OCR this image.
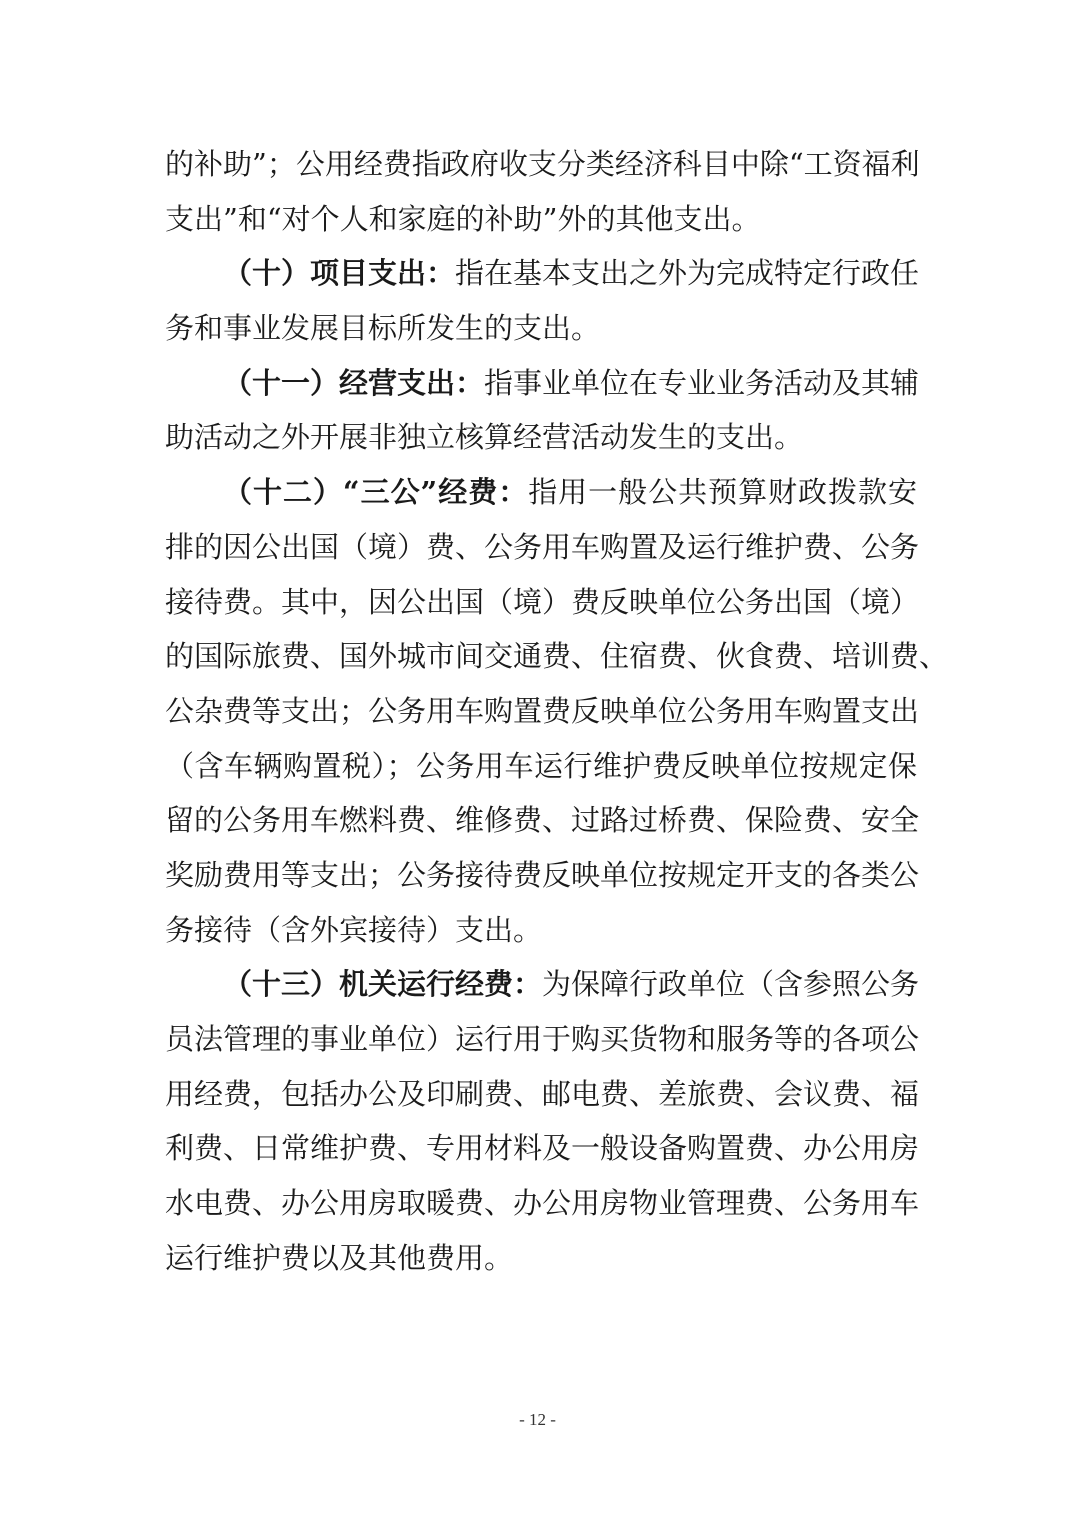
的补助”；公用经费指政府收支分类经济科目中除“工资福利
支出”和“对个人和家庭的补助”外的其他支出。
（十）项目支出：指在基本支出之外为完成特定行政任
务和事业发展目标所发生的支出。
（十一）经营支出：指事业单位在专业业务活动及其辅
助活动之外开展非独立核算经营活动发生的支出。
（十二）“三公”经费：指用一般公共预算财政拨款安
排的因公出国（境）费、公务用车购置及运行维护费、公务
接待费。其中，因公出国（境）费反映单位公务出国（境）
的国际旅费、国外城市间交通费、住宿费、伙食费、培训费、
公杂费等支出；公务用车购置费反映单位公务用车购置支出
（含车辆购置税）；公务用车运行维护费反映单位按规定保
留的公务用车燃料费、维修费、过路过桥费、保险费、安全
奖励费用等支出；公务接待费反映单位按规定开支的各类公
务接待（含外宾接待）支出。
（十三）机关运行经费：为保障行政单位（含参照公务
员法管理的事业单位）运行用于购买货物和服务等的各项公
用经费，包括办公及印刷费、邮电费、差旅费、会议费、福
利费、日常维护费、专用材料及一般设备购置费、办公用房
水电费、办公用房取暖费、办公用房物业管理费、公务用车
运行维护费以及其他费用。
- 12 -
